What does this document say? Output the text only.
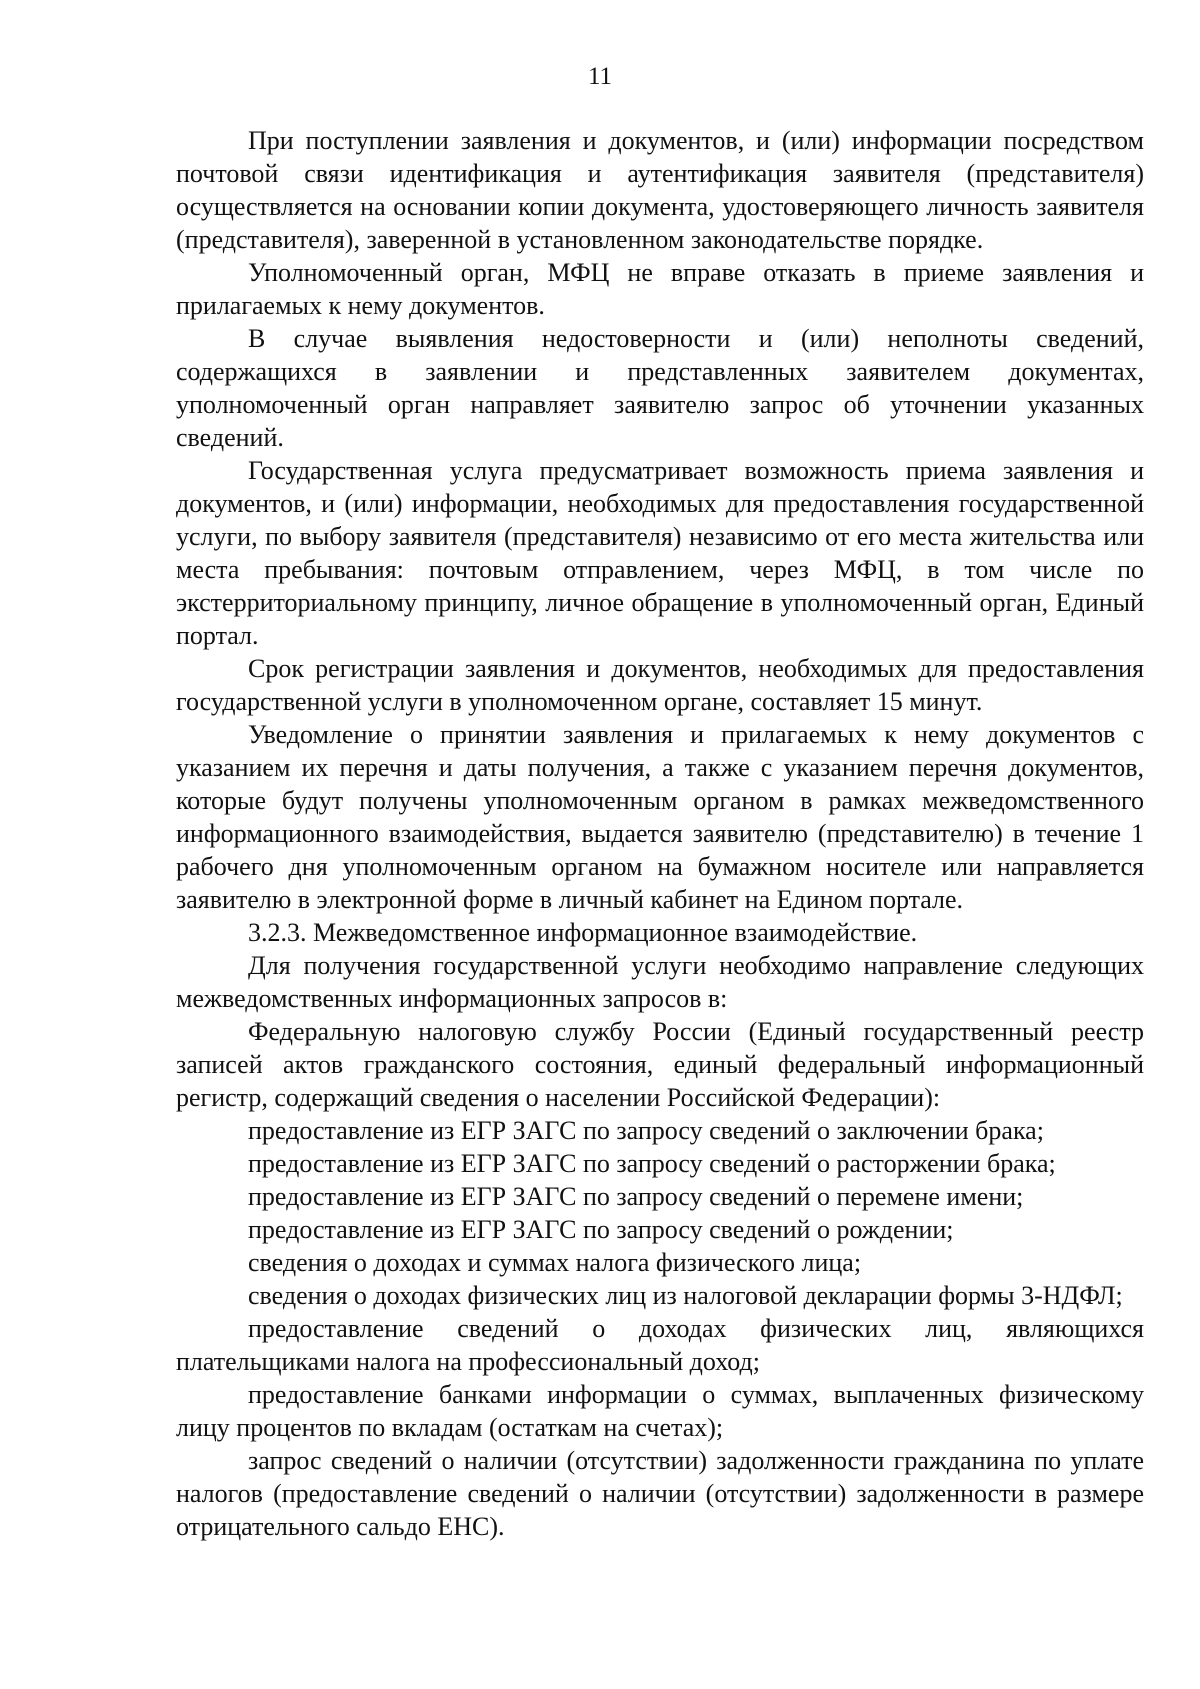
11

При поступлении заявления и документов, и (или) информации посредством почтовой связи идентификация и аутентификация заявителя (представителя) осуществляется на основании копии документа, удостоверяющего личность заявителя (представителя), заверенной в установленном законодательстве порядке.

Уполномоченный орган, МФЦ не вправе отказать в приеме заявления и прилагаемых к нему документов.

В случае выявления недостоверности и (или) неполноты сведений, содержащихся в заявлении и представленных заявителем документах, уполномоченный орган направляет заявителю запрос об уточнении указанных сведений.

Государственная услуга предусматривает возможность приема заявления и документов, и (или) информации, необходимых для предоставления государственной услуги, по выбору заявителя (представителя) независимо от его места жительства или места пребывания: почтовым отправлением, через МФЦ, в том числе по экстерриториальному принципу, личное обращение в уполномоченный орган, Единый портал.

Срок регистрации заявления и документов, необходимых для предоставления государственной услуги в уполномоченном органе, составляет 15 минут.

Уведомление о принятии заявления и прилагаемых к нему документов с указанием их перечня и даты получения, а также с указанием перечня документов, которые будут получены уполномоченным органом в рамках межведомственного информационного взаимодействия, выдается заявителю (представителю) в течение 1 рабочего дня уполномоченным органом на бумажном носителе или направляется заявителю в электронной форме в личный кабинет на Едином портале.

3.2.3. Межведомственное информационное взаимодействие.

Для получения государственной услуги необходимо направление следующих межведомственных информационных запросов в:

Федеральную налоговую службу России (Единый государственный реестр записей актов гражданского состояния, единый федеральный информационный регистр, содержащий сведения о населении Российской Федерации):

предоставление из ЕГР ЗАГС по запросу сведений о заключении брака;

предоставление из ЕГР ЗАГС по запросу сведений о расторжении брака;

предоставление из ЕГР ЗАГС по запросу сведений о перемене имени;

предоставление из ЕГР ЗАГС по запросу сведений о рождении;

сведения о доходах и суммах налога физического лица;

сведения о доходах физических лиц из налоговой декларации формы 3-НДФЛ;

предоставление сведений о доходах физических лиц, являющихся плательщиками налога на профессиональный доход;

предоставление банками информации о суммах, выплаченных физическому лицу процентов по вкладам (остаткам на счетах);

запрос сведений о наличии (отсутствии) задолженности гражданина по уплате налогов (предоставление сведений о наличии (отсутствии) задолженности в размере отрицательного сальдо ЕНС).
